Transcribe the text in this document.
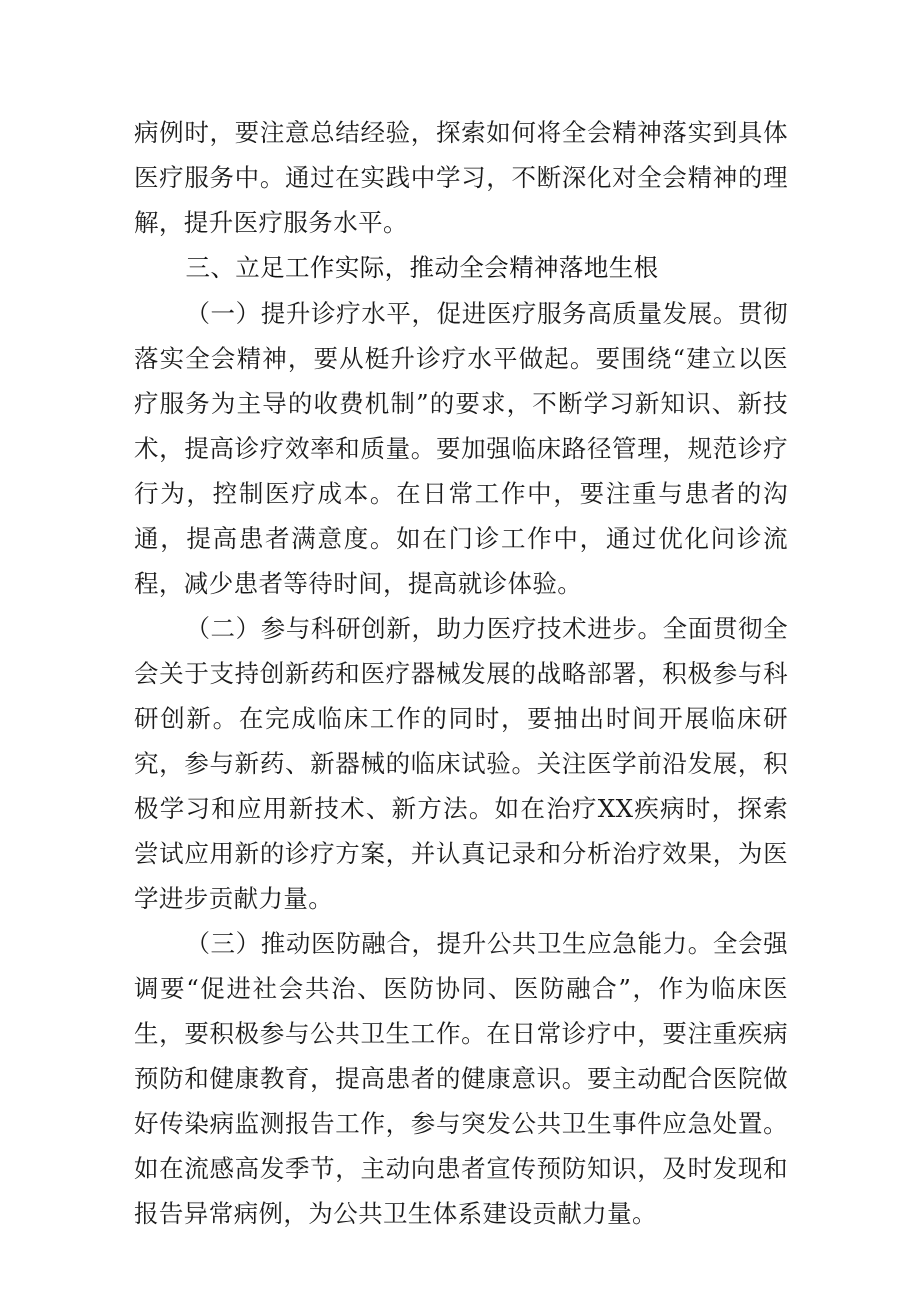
病例时，要注意总结经验，探索如何将全会精神落实到具体医疗服务中。通过在实践中学习，不断深化对全会精神的理解，提升医疗服务水平。

三、立足工作实际，推动全会精神落地生根

（一）提升诊疗水平，促进医疗服务高质量发展。贯彻落实全会精神，要从梃升诊疗水平做起。要围绕“建立以医疗服务为主导的收费机制”的要求，不断学习新知识、新技术，提高诊疗效率和质量。要加强临床路径管理，规范诊疗行为，控制医疗成本。在日常工作中，要注重与患者的沟通，提高患者满意度。如在门诊工作中，通过优化问诊流程，减少患者等待时间，提高就诊体验。

（二）参与科研创新，助力医疗技术进步。全面贯彻全会关于支持创新药和医疗器械发展的战略部署，积极参与科研创新。在完成临床工作的同时，要抽出时间开展临床研究，参与新药、新器械的临床试验。关注医学前沿发展，积极学习和应用新技术、新方法。如在治疗XX疾病时，探索尝试应用新的诊疗方案，并认真记录和分析治疗效果，为医学进步贡献力量。

（三）推动医防融合，提升公共卫生应急能力。全会强调要“促进社会共治、医防协同、医防融合”，作为临床医生，要积极参与公共卫生工作。在日常诊疗中，要注重疾病预防和健康教育，提高患者的健康意识。要主动配合医院做好传染病监测报告工作，参与突发公共卫生事件应急处置。如在流感高发季节，主动向患者宣传预防知识，及时发现和报告异常病例，为公共卫生体系建设贡献力量。
